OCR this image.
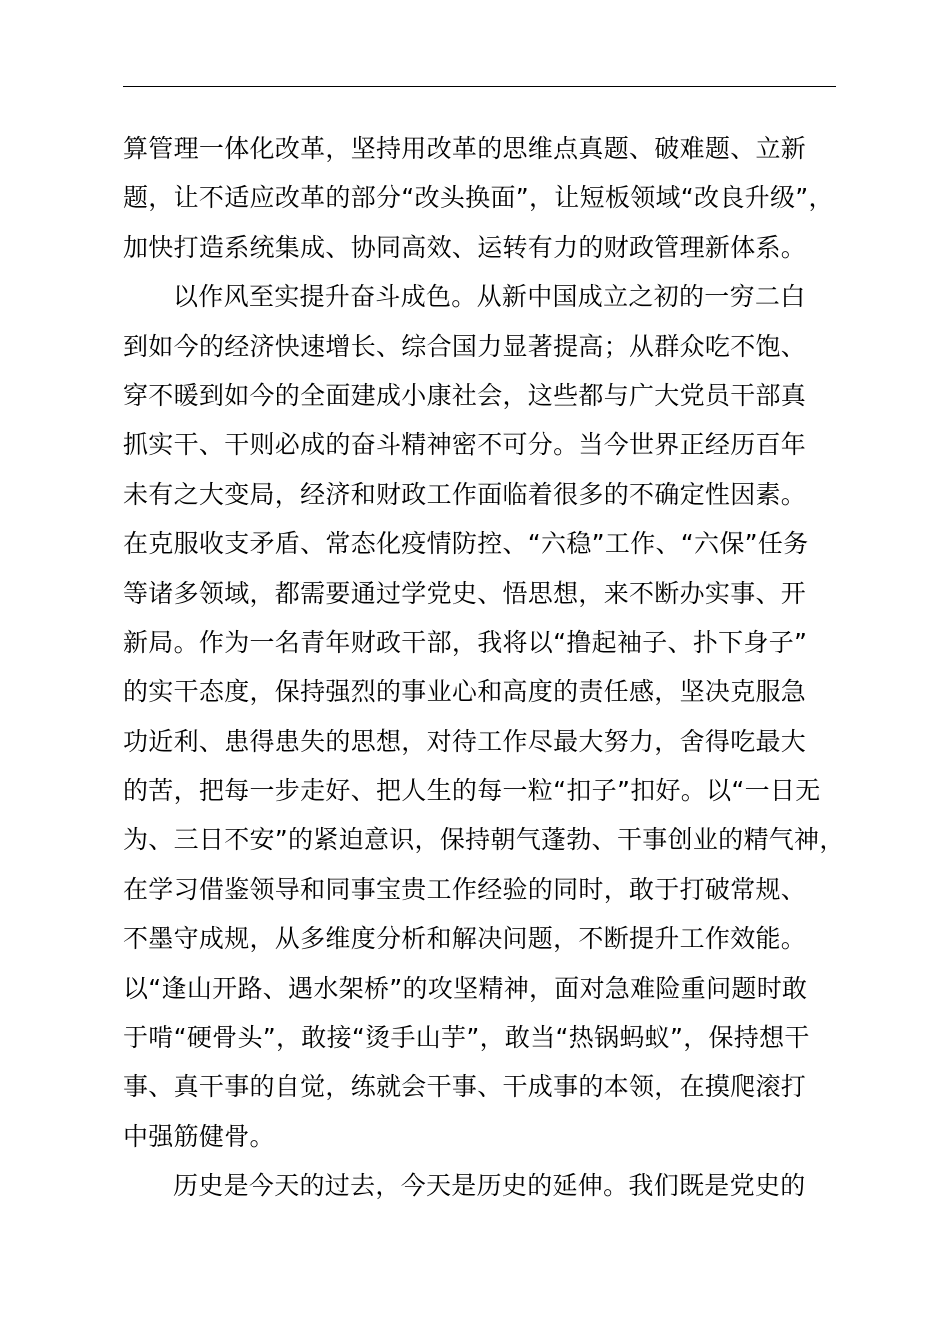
算管理一体化改革，坚持用改革的思维点真题、破难题、立新
题，让不适应改革的部分“改头换面”，让短板领域“改良升级”，
加快打造系统集成、协同高效、运转有力的财政管理新体系。
以作风至实提升奋斗成色。从新中国成立之初的一穷二白
到如今的经济快速增长、综合国力显著提高；从群众吃不饱、
穿不暖到如今的全面建成小康社会，这些都与广大党员干部真
抓实干、干则必成的奋斗精神密不可分。当今世界正经历百年
未有之大变局，经济和财政工作面临着很多的不确定性因素。
在克服收支矛盾、常态化疫情防控、“六稳”工作、“六保”任务
等诸多领域，都需要通过学党史、悟思想，来不断办实事、开
新局。作为一名青年财政干部，我将以“撸起袖子、扑下身子”
的实干态度，保持强烈的事业心和高度的责任感，坚决克服急
功近利、患得患失的思想，对待工作尽最大努力，舍得吃最大
的苦，把每一步走好、把人生的每一粒“扣子”扣好。以“一日无
为、三日不安”的紧迫意识，保持朝气蓬勃、干事创业的精气神，
在学习借鉴领导和同事宝贵工作经验的同时，敢于打破常规、
不墨守成规，从多维度分析和解决问题，不断提升工作效能。
以“逢山开路、遇水架桥”的攻坚精神，面对急难险重问题时敢
于啃“硬骨头”，敢接“烫手山芋”，敢当“热锅蚂蚁”，保持想干
事、真干事的自觉，练就会干事、干成事的本领，在摸爬滚打
中强筋健骨。
历史是今天的过去，今天是历史的延伸。我们既是党史的
